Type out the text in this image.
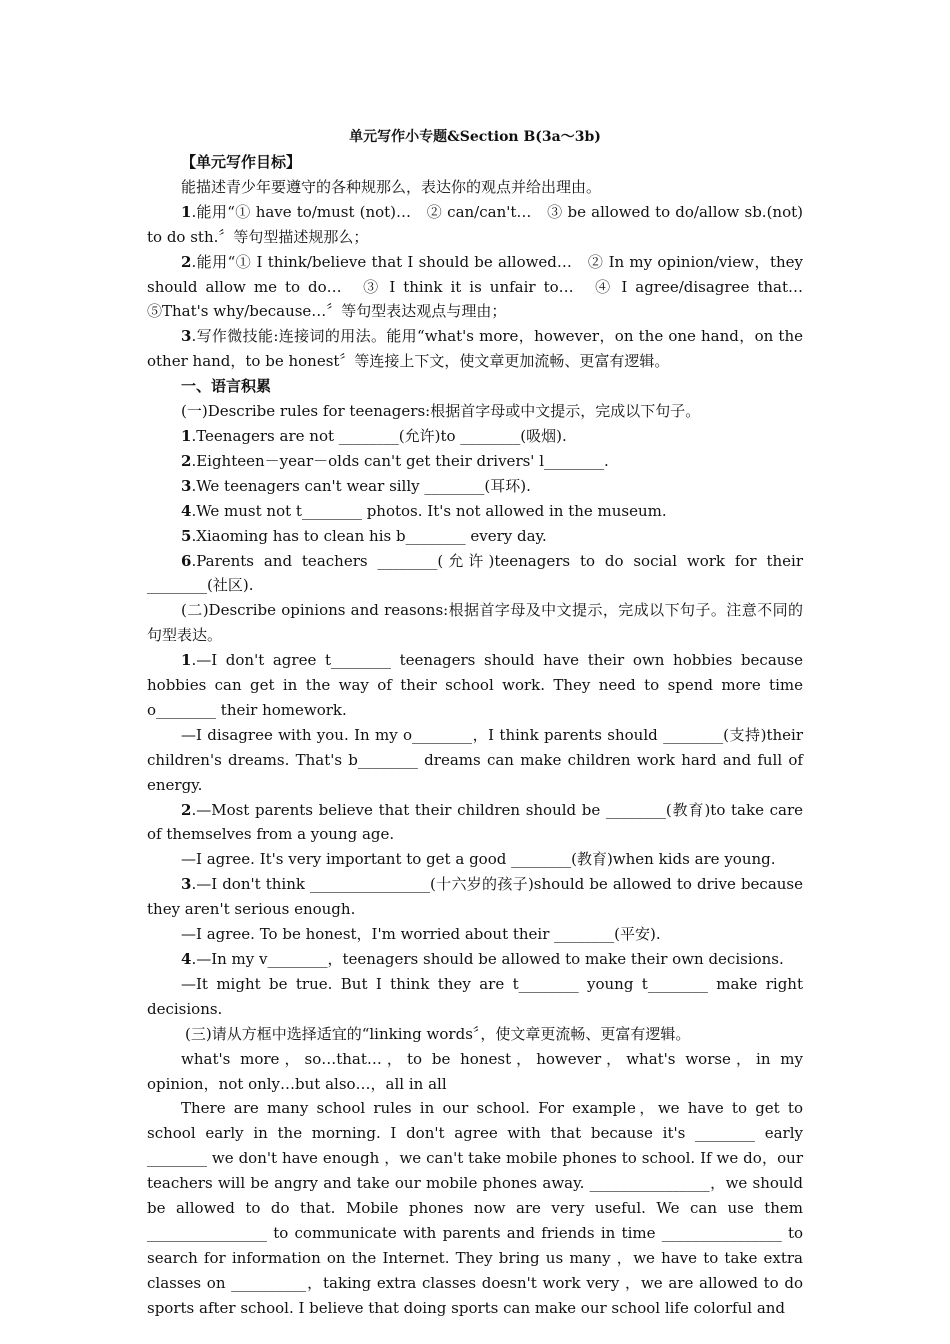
单元写作小专题&Section B(3a～3b)

【单元写作目标】

能描述青少年要遵守的各种规那么，表达你的观点并给出理由。

1.能用“① have to/must (not)…　② can/can't…　③ be allowed to do/allow sb.(not) to do sth.〞等句型描述规那么；

2.能用“① I think/believe that I should be allowed…　② In my opinion/view，they should allow me to do…　③ I think it is unfair to…　④ I agree/disagree that… ⑤That's why/because…〞等句型表达观点与理由；

3.写作微技能:连接词的用法。能用“what's more，however，on the one hand，on the other hand，to be honest〞等连接上下文，使文章更加流畅、更富有逻辑。

一、语言积累

(一)Describe rules for teenagers:根据首字母或中文提示，完成以下句子。

1.Teenagers are not ________(允许)to ________(吸烟).

2.Eighteen－year－olds can't get their drivers' l________.

3.We teenagers can't wear silly ________(耳环).

4.We must not t________ photos. It's not allowed in the museum.

5.Xiaoming has to clean his b________ every day.

6.Parents and teachers ________(允许)teenagers to do social work for their ________(社区).

(二)Describe opinions and reasons:根据首字母及中文提示，完成以下句子。注意不同的句型表达。

1.—I don't agree t________ teenagers should have their own hobbies because hobbies can get in the way of their school work. They need to spend more time o________ their homework.

—I disagree with you. In my o________，I think parents should ________(支持)their children's dreams. That's b________ dreams can make children work hard and full of energy.

2.—Most parents believe that their children should be ________(教育)to take care of themselves from a young age.

—I agree. It's very important to get a good ________(教育)when kids are young.

3.—I don't think ________________(十六岁的孩子)should be allowed to drive because they aren't serious enough.

—I agree. To be honest，I'm worried about their ________(平安).

4.—In my v________，teenagers should be allowed to make their own decisions.

—It might be true. But I think they are t________ young t________ make right decisions.

(三)请从方框中选择适宜的“linking words〞，使文章更流畅、更富有逻辑。

what's more，so…that…，to be honest，however，what's worse，in my opinion，not only…but also…，all in all

There are many school rules in our school. For example，we have to get to school early in the morning. I don't agree with that because it's ________ early ________ we don't have enough ，we can't take mobile phones to school. If we do，our teachers will be angry and take our mobile phones away. ________________，we should be allowed to do that. Mobile phones now are very useful. We can use them ________________ to communicate with parents and friends in time ________________ to search for information on the Internet. They bring us many ，we have to take extra classes on __________，taking extra classes doesn't work very ，we are allowed to do sports after school. I believe that doing sports can make our school life colorful and
